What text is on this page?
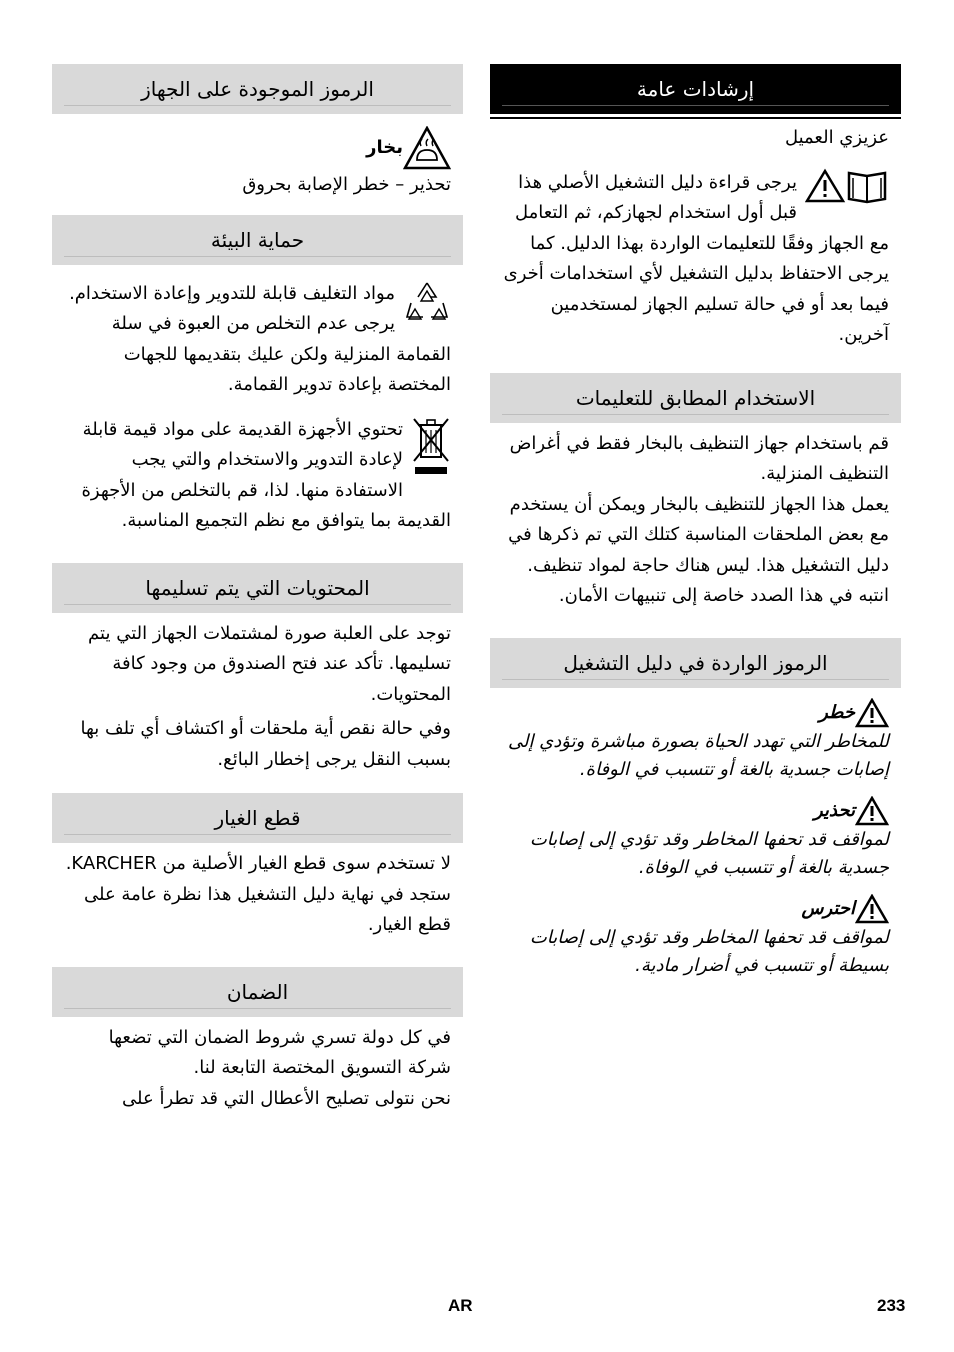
إرشادات عامة

عزيزي العميل

يرجى قراءة دليل التشغيل الأصلي هذا قبل أول استخدام لجهازكم، ثم التعامل مع الجهاز وفقًا للتعليمات الواردة بهذا الدليل. كما يرجى الاحتفاظ بدليل التشغيل لأي استخدامات أخرى فيما بعد أو في حالة تسليم الجهاز لمستخدمين آخرين.

الاستخدام المطابق للتعليمات

قم باستخدام جهاز التنظيف بالبخار فقط في أغراض التنظيف المنزلية.

يعمل هذا الجهاز للتنظيف بالبخار ويمكن أن يستخدم مع بعض الملحقات المناسبة كتلك التي تم ذكرها في دليل التشغيل هذا. ليس هناك حاجة لمواد تنظيف. انتبه في هذا الصدد خاصة إلى تنبيهات الأمان.

الرموز الواردة في دليل التشغيل

خطر

للمخاطر التي تهدد الحياة بصورة مباشرة وتؤدي إلى إصابات جسدية بالغة أو تتسبب في الوفاة.

تحذير

لمواقف قد تحفها المخاطر وقد تؤدي إلى إصابات جسدية بالغة أو تتسبب في الوفاة.

احترس

لمواقف قد تحفها المخاطر وقد تؤدي إلى إصابات بسيطة أو تتسبب في أضرار مادية.

الرموز الموجودة على الجهاز

بخار

تحذير – خطر الإصابة بحروق

حماية البيئة

مواد التغليف قابلة للتدوير وإعادة الاستخدام. يرجى عدم التخلص من العبوة في سلة القمامة المنزلية ولكن عليك بتقديمها للجهات المختصة بإعادة تدوير القمامة.

تحتوي الأجهزة القديمة على مواد قيمة قابلة لإعادة التدوير والاستخدام والتي يجب الاستفادة منها. لذا، قم بالتخلص من الأجهزة القديمة بما يتوافق مع نظم التجميع المناسبة.

المحتويات التي يتم تسليمها

توجد على العلبة صورة لمشتملات الجهاز التي يتم تسليمها. تأكد عند فتح الصندوق من وجود كافة المحتويات.

وفي حالة نقص أية ملحقات أو اكتشاف أي تلف بها بسبب النقل يرجى إخطار البائع.

قطع الغيار

لا تستخدم سوى قطع الغيار الأصلية من KARCHER. ستجد في نهاية دليل التشغيل هذا نظرة عامة على قطع الغيار.

الضمان

في كل دولة تسري شروط الضمان التي تضعها شركة التسويق المختصة التابعة لنا.

نحن نتولى تصليح الأعطال التي قد تطرأ على

AR	233
